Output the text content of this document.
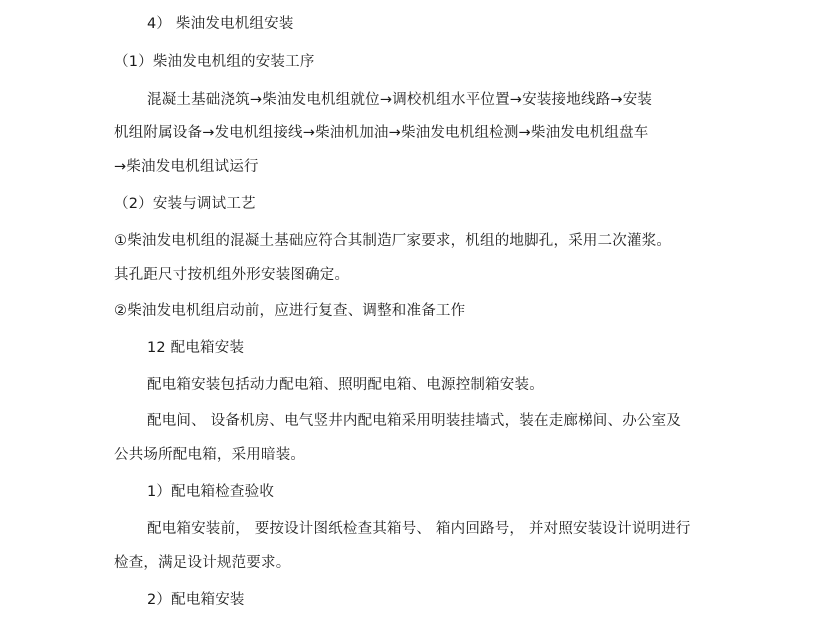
4） 柴油发电机组安装
（1）柴油发电机组的安装工序
混凝土基础浇筑→柴油发电机组就位→调校机组水平位置→安装接地线路→安装
机组附属设备→发电机组接线→柴油机加油→柴油发电机组检测→柴油发电机组盘车
→柴油发电机组试运行
（2）安装与调试工艺
①柴油发电机组的混凝土基础应符合其制造厂家要求，机组的地脚孔，采用二次灌浆。
其孔距尺寸按机组外形安装图确定。
②柴油发电机组启动前，应进行复查、调整和准备工作
12 配电箱安装
配电箱安装包括动力配电箱、照明配电箱、电源控制箱安装。
配电间、 设备机房、电气竖井内配电箱采用明装挂墙式，装在走廊梯间、办公室及
公共场所配电箱，采用暗装。
1）配电箱检查验收
配电箱安装前， 要按设计图纸检查其箱号、 箱内回路号， 并对照安装设计说明进行
检查，满足设计规范要求。
2）配电箱安装
